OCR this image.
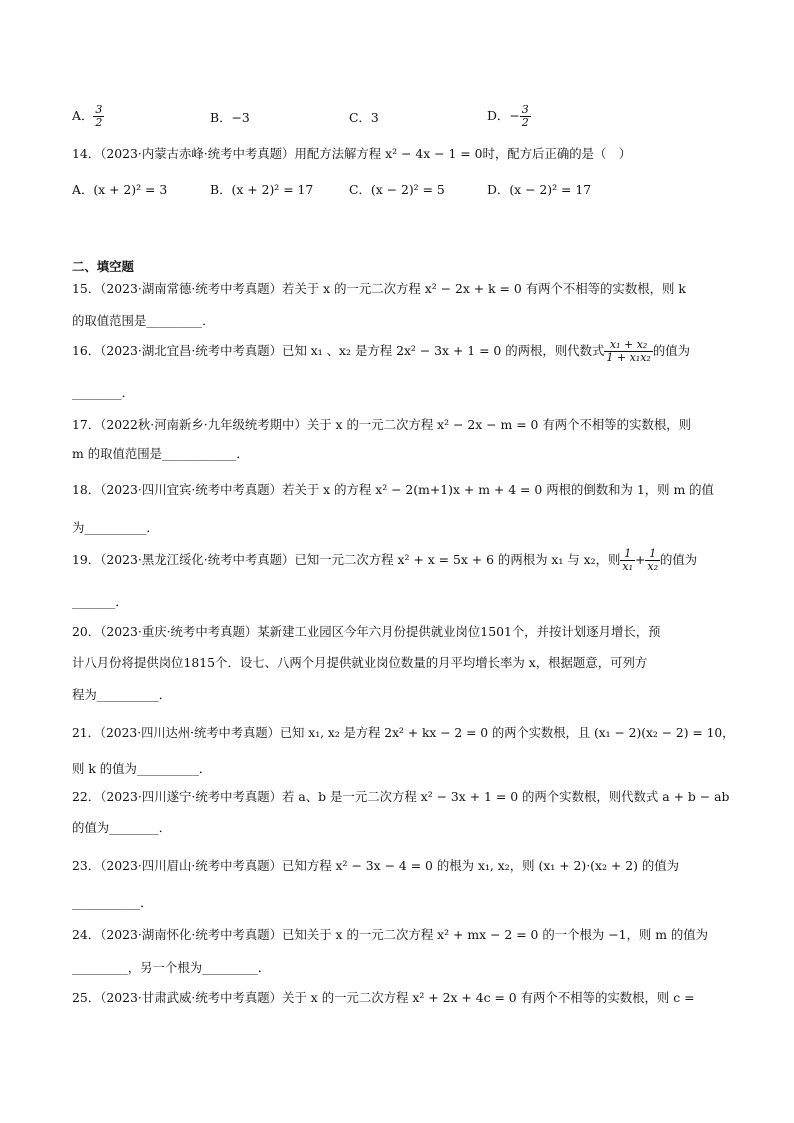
A． $\frac{3}{2}$	B．−3	C．3	D．− $\frac{3}{2}$
14．（2023·内蒙古赤峰·统考中考真题）用配方法解方程 x² − 4x − 1 = 0时，配方后正确的是（　）
A．(x + 2)² = 3	B．(x + 2)² = 17	C．(x − 2)² = 5	D．(x − 2)² = 17
二、填空题
15．（2023·湖南常德·统考中考真题）若关于 x 的一元二次方程 x² − 2x + k = 0 有两个不相等的实数根，则 k
的取值范围是_________．
16．（2023·湖北宜昌·统考中考真题）已知 x₁ 、x₂ 是方程 2x² − 3x + 1 = 0 的两根，则代数式 $\frac{\text{x₁ + x₂}}{\text{1 + x₁x₂}}$ 的值为
________．
17．（2022秋·河南新乡·九年级统考期中）关于 x 的一元二次方程 x² − 2x − m = 0 有两个不相等的实数根，则
m 的取值范围是____________．
18．（2023·四川宜宾·统考中考真题）若关于 x 的方程 x² − 2(m+1)x + m + 4 = 0 两根的倒数和为 1，则 m 的值
为__________．
19．（2023·黑龙江绥化·统考中考真题）已知一元二次方程 x² + x = 5x + 6 的两根为 x₁ 与 x₂，则 $\frac{1}{\text{x₁}} + \frac{1}{\text{x₂}}$ 的值为
_______．
20．（2023·重庆·统考中考真题）某新建工业园区今年六月份提供就业岗位1501个，并按计划逐月增长，预
计八月份将提供岗位1815个．设七、八两个月提供就业岗位数量的月平均增长率为 x，根据题意，可列方
程为__________．
21．（2023·四川达州·统考中考真题）已知 x₁, x₂ 是方程 2x² + kx − 2 = 0 的两个实数根，且 (x₁ − 2)(x₂ − 2) = 10，
则 k 的值为__________．
22．（2023·四川遂宁·统考中考真题）若 a、b 是一元二次方程 x² − 3x + 1 = 0 的两个实数根，则代数式 a + b − ab
的值为________．
23．（2023·四川眉山·统考中考真题）已知方程 x² − 3x − 4 = 0 的根为 x₁, x₂，则 (x₁ + 2)·(x₂ + 2) 的值为
___________．
24．（2023·湖南怀化·统考中考真题）已知关于 x 的一元二次方程 x² + mx − 2 = 0 的一个根为 −1，则 m 的值为
_________，另一个根为_________．
25．（2023·甘肃武威·统考中考真题）关于 x 的一元二次方程 x² + 2x + 4c = 0 有两个不相等的实数根，则 c =
